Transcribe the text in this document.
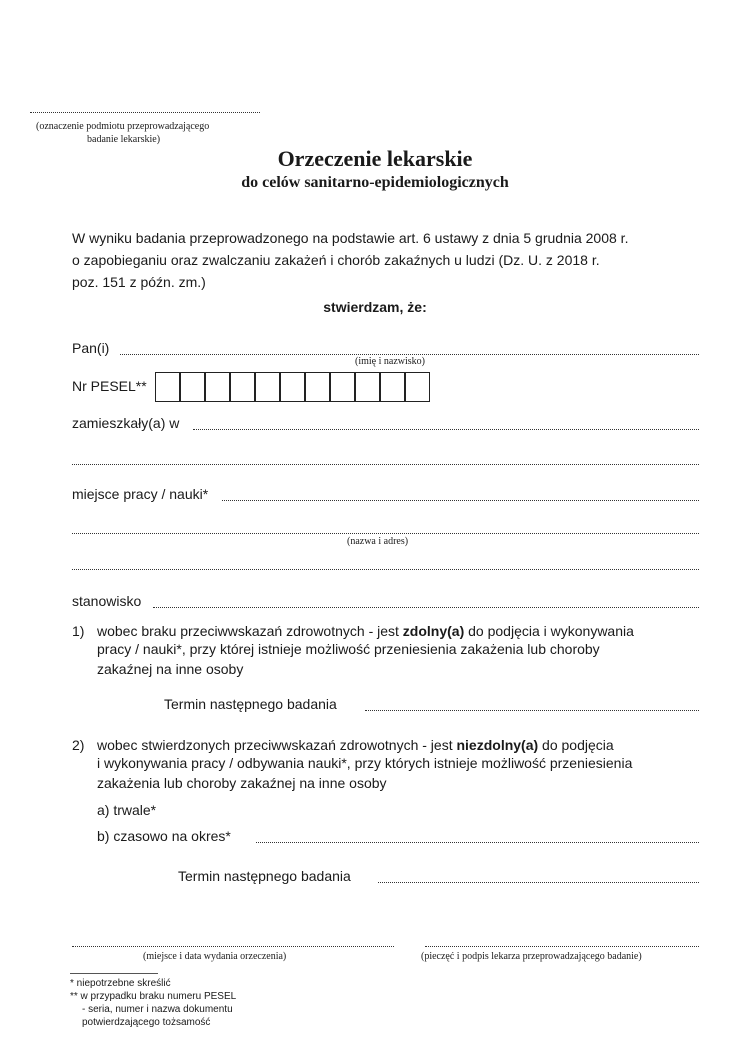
(oznaczenie podmiotu przeprowadzającego
badanie lekarskie)
Orzeczenie lekarskie
do celów sanitarno-epidemiologicznych
W wyniku badania przeprowadzonego na podstawie art. 6 ustawy z dnia 5 grudnia 2008 r.
o zapobieganiu oraz zwalczaniu zakażeń i chorób zakaźnych u ludzi (Dz. U. z 2018 r.
poz. 151 z późn. zm.)
stwierdzam, że:
Pan(i)
(imię i nazwisko)
Nr PESEL**
zamieszkały(a) w
miejsce pracy / nauki*
(nazwa i adres)
stanowisko
1) wobec braku przeciwwskazań zdrowotnych - jest zdolny(a) do podjęcia i wykonywania
pracy / nauki*, przy której istnieje możliwość przeniesienia zakażenia lub choroby
zakaźnej na inne osoby
Termin następnego badania
2) wobec stwierdzonych przeciwwskazań zdrowotnych - jest niezdolny(a) do podjęcia
i wykonywania pracy / odbywania nauki*, przy których istnieje możliwość przeniesienia
zakażenia lub choroby zakaźnej na inne osoby
a) trwale*
b) czasowo na okres*
Termin następnego badania
(miejsce i data wydania orzeczenia)	(pieczęć i podpis lekarza przeprowadzającego badanie)
* niepotrzebne skreślić
** w przypadku braku numeru PESEL
- seria, numer i nazwa dokumentu
potwierdzającego tożsamość
